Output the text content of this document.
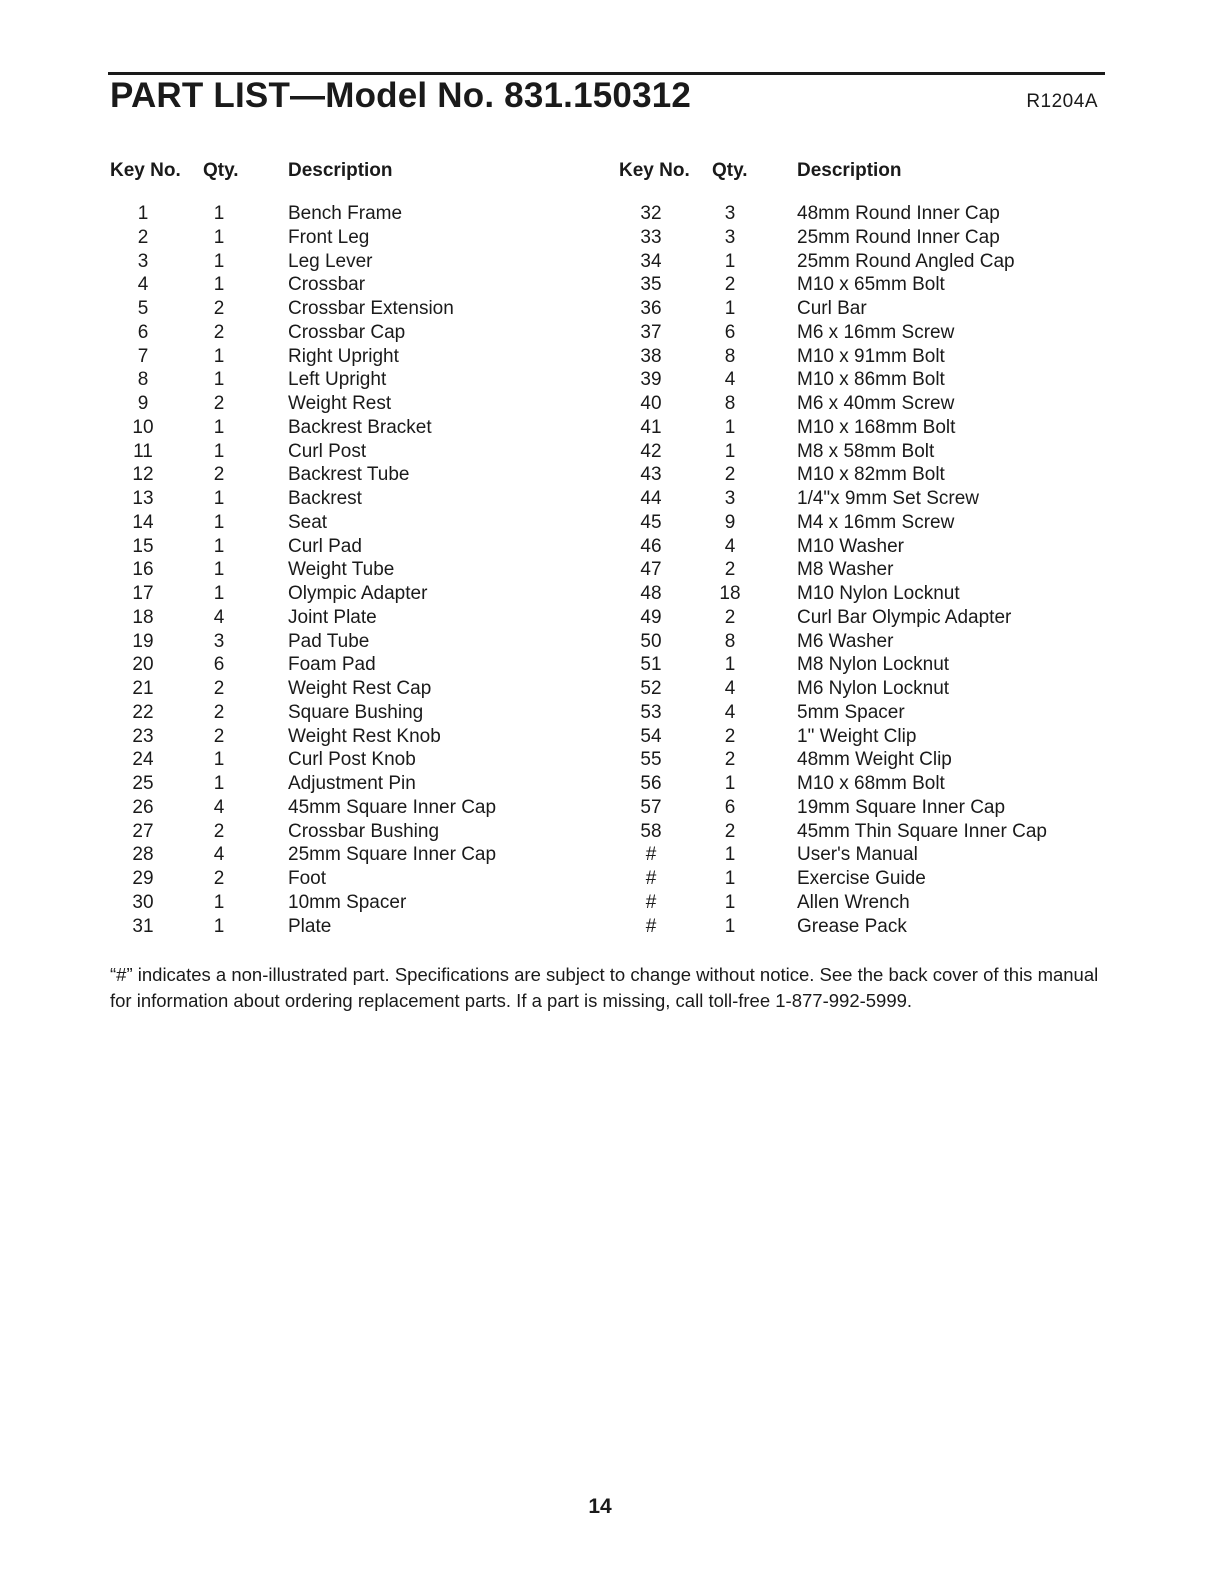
PART LIST—Model No. 831.150312	R1204A
Key No. Qty.	Description
1	1	Bench Frame
2	1	Front Leg
3	1	Leg Lever
4	1	Crossbar
5	2	Crossbar Extension
6	2	Crossbar Cap
7	1	Right Upright
8	1	Left Upright
9	2	Weight Rest
10	1	Backrest Bracket
11	1	Curl Post
12	2	Backrest Tube
13	1	Backrest
14	1	Seat
15	1	Curl Pad
16	1	Weight Tube
17	1	Olympic Adapter
18	4	Joint Plate
19	3	Pad Tube
20	6	Foam Pad
21	2	Weight Rest Cap
22	2	Square Bushing
23	2	Weight Rest Knob
24	1	Curl Post Knob
25	1	Adjustment Pin
26	4	45mm Square Inner Cap
27	2	Crossbar Bushing
28	4	25mm Square Inner Cap
29	2	Foot
30	1	10mm Spacer
31	1	Plate
Key No. Qty.	Description
32	3	48mm Round Inner Cap
33	3	25mm Round Inner Cap
34	1	25mm Round Angled Cap
35	2	M10 x 65mm Bolt
36	1	Curl Bar
37	6	M6 x 16mm Screw
38	8	M10 x 91mm Bolt
39	4	M10 x 86mm Bolt
40	8	M6 x 40mm Screw
41	1	M10 x 168mm Bolt
42	1	M8 x 58mm Bolt
43	2	M10 x 82mm Bolt
44	3	1/4"x 9mm Set Screw
45	9	M4 x 16mm Screw
46	4	M10 Washer
47	2	M8 Washer
48	18	M10 Nylon Locknut
49	2	Curl Bar Olympic Adapter
50	8	M6 Washer
51	1	M8 Nylon Locknut
52	4	M6 Nylon Locknut
53	4	5mm Spacer
54	2	1" Weight Clip
55	2	48mm Weight Clip
56	1	M10 x 68mm Bolt
57	6	19mm Square Inner Cap
58	2	45mm Thin Square Inner Cap
#	1	User's Manual
#	1	Exercise Guide
#	1	Allen Wrench
#	1	Grease Pack
“#” indicates a non-illustrated part. Specifications are subject to change without notice. See the back cover of this manual for information about ordering replacement parts. If a part is missing, call toll-free 1-877-992-5999.
14
